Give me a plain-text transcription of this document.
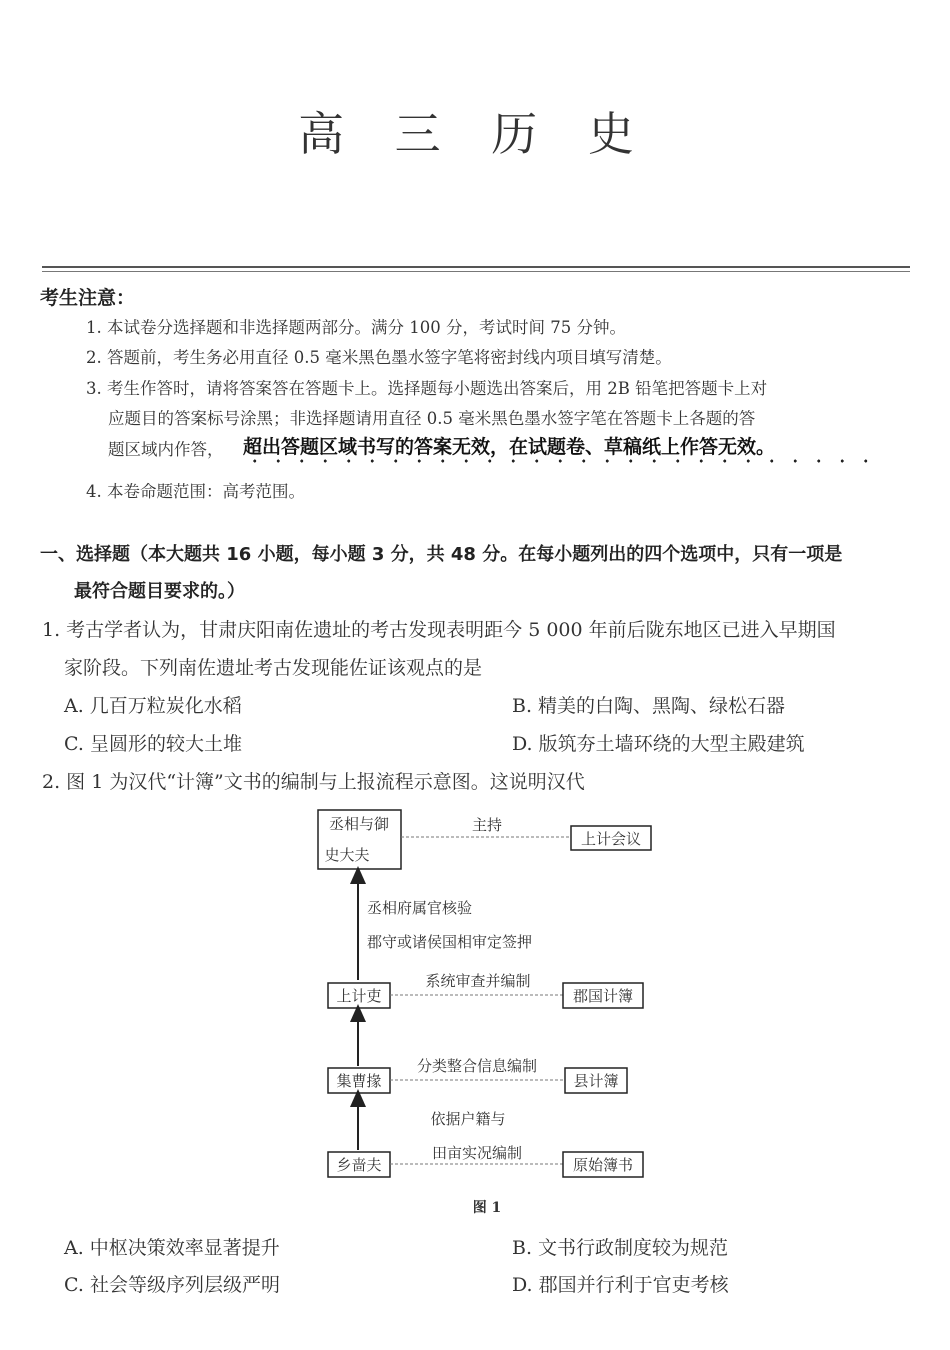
高 三 历 史
考生注意：
1. 本试卷分选择题和非选择题两部分。满分 100 分，考试时间 75 分钟。
2. 答题前，考生务必用直径 0.5 毫米黑色墨水签字笔将密封线内项目填写清楚。
3. 考生作答时，请将答案答在答题卡上。选择题每小题选出答案后，用 2B 铅笔把答题卡上对
应题目的答案标号涂黑；非选择题请用直径 0.5 毫米黑色墨水签字笔在答题卡上各题的答
题区域内作答， 超出答题区域书写的答案无效，在试题卷、草稿纸上作答无效。
4. 本卷命题范围：高考范围。
一、选择题（本大题共 16 小题，每小题 3 分，共 48 分。在每小题列出的四个选项中，只有一项是
最符合题目要求的。）
1. 考古学者认为，甘肃庆阳南佐遗址的考古发现表明距今 5 000 年前后陇东地区已进入早期国
家阶段。下列南佐遗址考古发现能佐证该观点的是
A. 几百万粒炭化水稻	B. 精美的白陶、黑陶、绿松石器
C. 呈圆形的较大土堆	D. 版筑夯土墙环绕的大型主殿建筑
2. 图 1 为汉代“计簿”文书的编制与上报流程示意图。这说明汉代
丞相与御
史大夫
主持
上计会议
丞相府属官核验
郡守或诸侯国相审定签押
上计吏
系统审查并编制
郡国计簿
集曹掾
分类整合信息编制
县计簿
依据户籍与
乡啬夫
田亩实况编制
原始簿书
图 1
A. 中枢决策效率显著提升	B. 文书行政制度较为规范
C. 社会等级序列层级严明	D. 郡国并行利于官吏考核
